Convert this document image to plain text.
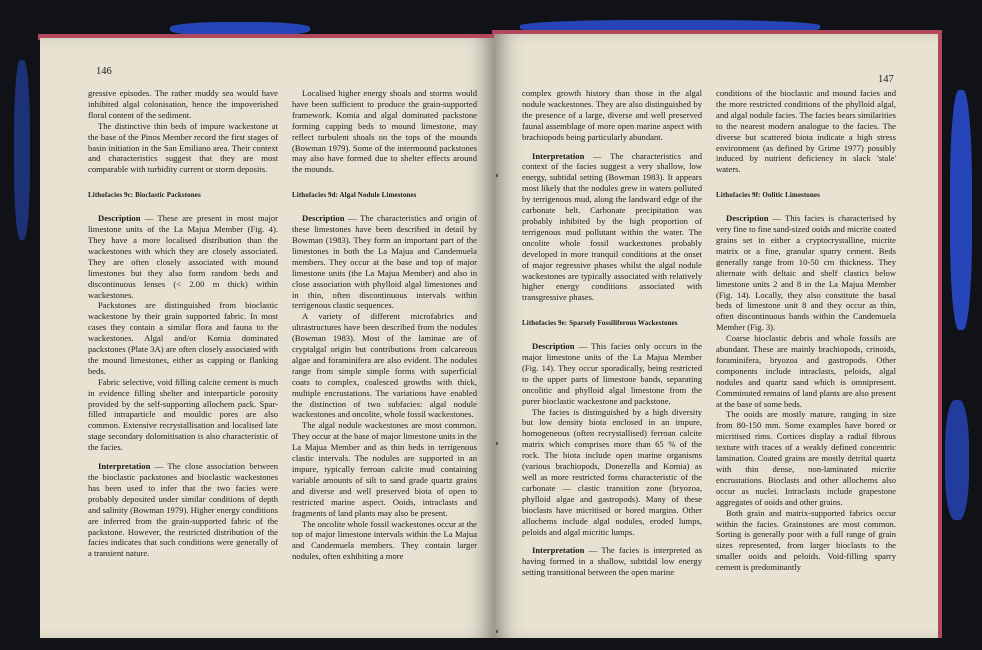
146

gressive episodes. The rather muddy sea would have inhibited algal colonisation, hence the impoverished floral content of the sediment.

The distinctive thin beds of impure wackestone at the base of the Pinos Member record the first stages of basin initiation in the San Emiliano area. Their context and characteristics suggest that they are most comparable with turbidity current or storm deposits.

Lithofacies 9c: Bioclastic Packstones

Description — These are present in most major limestone units of the La Majua Member (Fig. 4). They have a more localised distribution than the wackestones with which they are closely associated. They are often closely associated with mound limestones but they also form random beds and discontinuous lenses (< 2.00 m thick) within wackestones.

Packstones are distinguished from bioclastic wackestone by their grain supported fabric. In most cases they contain a similar flora and fauna to the wackestones. Algal and/or Komia dominated packstones (Plate 3A) are often closely associated with the mound limestones, either as capping or flanking beds.

Fabric selective, void filling calcite cement is much in evidence filling shelter and interparticle porosity provided by the self-supporting allochem pack. Spar-filled intraparticle and mouldic pores are also common. Extensive recrystallisation and localised late stage secondary dolomitisation is also characteristic of the facies.

Interpretation — The close association between the bioclastic packstones and bioclastic wackestones has been used to infer that the two facies were probably deposited under similar conditions of depth and salinity (Bowman 1979). Higher energy conditions are inferred from the grain-supported fabric of the packstone. However, the restricted distribution of the facies indicates that such conditions were generally of a transient nature.

Localised higher energy shoals and storms would have been sufficient to produce the grain-supported framework. Komia and algal dominated packstone forming capping beds to mound limestone, may reflect turbulent shoals on the tops of the mounds (Bowman 1979). Some of the intermound packstones may also have formed due to shelter effects around the mounds.

Lithofacies 9d: Algal Nodule Limestones

Description — The characteristics and origin of these limestones have been described in detail by Bowman (1983). They form an important part of the limestones in both the La Majua and Candemuela members. They occur at the base and top of major limestone units (the La Majua Member) and also in close association with phylloid algal limestones and in thin, often discontinuous intervals within terrigenous clastic sequences.

A variety of different microfabrics and ultrastructures have been described from the nodules (Bowman 1983). Most of the laminae are of cryptalgal origin but contributions from calcareous algae and foraminifera are also evident. The nodules range from simple simple forms with superficial coats to complex, coalesced growths with thick, multiple encrustations. The variations have enabled the distinction of two subfacies: algal nodule wackestones and oncolite, whole fossil wackestones.

The algal nodule wackestones are most common. They occur at the base of major limestone units in the La Majua Member and as thin beds in terrigenous clastic intervals. The nodules are supported in an impure, typically ferroan calcite mud containing variable amounts of silt to sand grade quartz grains and diverse and well preserved biota of open to restricted marine aspect. Ooids, intraclasts and fragments of land plants may also be present.

The oncolite whole fossil wackestones occur at the top of major limestone intervals within the La Majua and Candemuela members. They contain larger nodules, often exhibiting a more

147

complex growth history than those in the algal nodule wackestones. They are also distinguished by the presence of a large, diverse and well preserved faunal assemblage of more open marine aspect with brachiopods being particularly abundant.

Interpretation — The characteristics and context of the facies suggest a very shallow, low energy, subtidal setting (Bowman 1983). It appears most likely that the nodules grew in waters polluted by terrigenous mud, along the landward edge of the carbonate belt. Carbonate precipitation was probably inhibited by the high proportion of terrigenous mud pollutant within the water. The oncolite whole fossil wackestones probably developed in more tranquil conditions at the onset of major regressive phases whilst the algal nodule wackestones are typically associated with relatively higher energy conditions associated with transgressive phases.

Lithofacies 9e: Sparsely Fossiliferous Wackestones

Description — This facies only occurs in the major limestone units of the La Majua Member (Fig. 14). They occur sporadically, being restricted to the upper parts of limestone bands, separating oncolitic and phylloid algal limestone from the purer bioclastic wackestone and packstone.

The facies is distinguished by a high diversity but low density biota enclosed in an impure, homogeneous (often recrystallised) ferroan calcite matrix which comprises more than 65 % of the rock. The biota include open marine organisms (various brachiopods, Donezella and Komia) as well as more restricted forms characteristic of the carbonate — clastic transition zone (bryozoa, phylloid algae and gastropods). Many of these bioclasts have micritised or bored margins. Other allochems include algal nodules, eroded lumps, peloids and algal micritic lumps.

Interpretation — The facies is interpreted as having formed in a shallow, subtidal low energy setting transitional between the open marine

conditions of the bioclastic and mound facies and the more restricted conditions of the phylloid algal, and algal nodule facies. The facies bears similarities to the nearest modern analogue to the facies. The diverse but scattered biota indicate a high stress environment (as defined by Grime 1977) possibly induced by nutrient deficiency in slack 'stale' waters.

Lithofacies 9f: Oolitic Limestones

Description — This facies is characterised by very fine to fine sand-sized ooids and micrite coated grains set in either a cryptocrystalline, micrite matrix or a fine, granular sparry cement. Beds generally range from 10-50 cm thickness. They alternate with deltaic and shelf clastics below limestone units 2 and 8 in the La Majua Member (Fig. 14). Locally, they also constitute the basal beds of limestone unit 8 and they occur as thin, often discontinuous bands within the Candemuela Member (Fig. 3).

Coarse bioclastic debris and whole fossils are abundant. These are mainly brachiopods, crinoids, foraminifera, bryozoa and gastropods. Other components include intraclasts, peloids, algal nodules and quartz sand which is omnipresent. Comminuted remains of land plants are also present at the base of some beds.

The ooids are mostly mature, ranging in size from 80-150 mm. Some examples have bored or micritised rims. Cortices display a radial fibrous texture with traces of a weakly defined concentric lamination. Coated grains are mostly detrital quartz with thin dense, non-laminated micrite encrustations. Bioclasts and other allochems also occur as nuclei. Intraclasts include grapestone aggregates of ooids and other grains.

Both grain and matrix-supported fabrics occur within the facies. Grainstones are most common. Sorting is generally poor with a full range of grain sizes represented, from larger bioclasts to the smaller ooids and peloids. Void-filling sparry cement is predominantly
